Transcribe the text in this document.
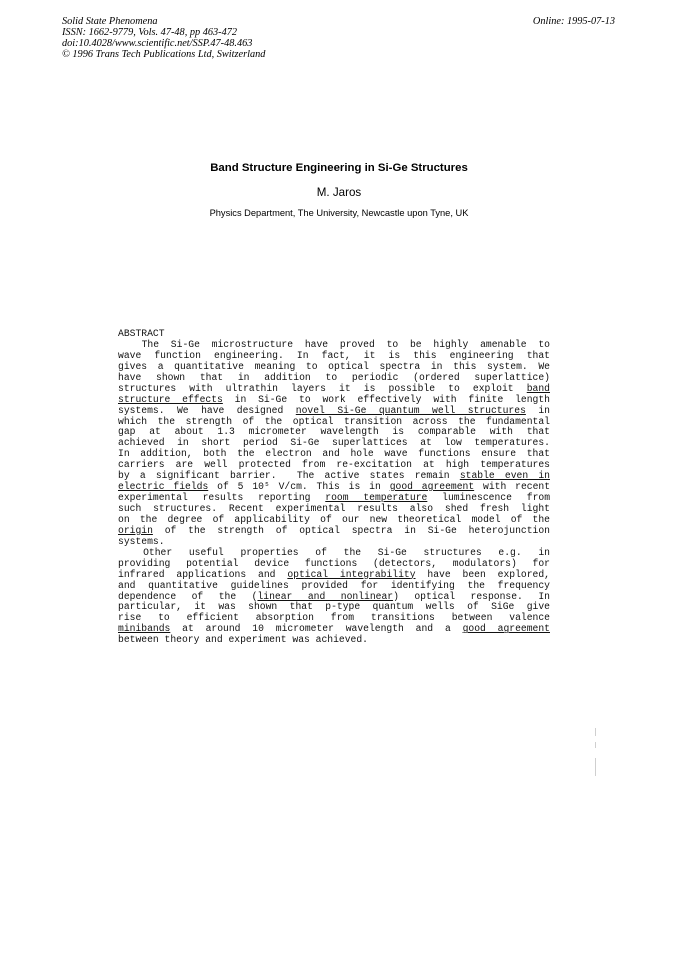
Solid State Phenomena
ISSN: 1662-9779, Vols. 47-48, pp 463-472
doi:10.4028/www.scientific.net/SSP.47-48.463
© 1996 Trans Tech Publications Ltd, Switzerland
Online: 1995-07-13
Band Structure Engineering in Si-Ge Structures
M. Jaros
Physics Department, The University, Newcastle upon Tyne, UK
ABSTRACT
The Si-Ge microstructure have proved to be highly amenable to
wave function engineering. In fact, it is this engineering that
gives a quantitative meaning to optical spectra in this system. We
have shown that in addition to periodic (ordered superlattice)
structures with ultrathin layers it is possible to exploit band
structure effects in Si-Ge to work effectively with finite length
systems. We have designed novel Si-Ge quantum well structures in
which the strength of the optical transition across the fundamental
gap at about 1.3 micrometer wavelength is comparable with that
achieved in short period Si-Ge superlattices at low temperatures.
In addition, both the electron and hole wave functions ensure that
carriers are well protected from re-excitation at high temperatures
by a significant barrier.  The active states remain stable even in
electric fields of 5 10⁵ V/cm. This is in good agreement with recent
experimental results reporting room temperature luminescence from
such structures. Recent experimental results also shed fresh light
on the degree of applicability of our new theoretical model of the
origin of the strength of optical spectra in Si-Ge heterojunction
systems.
Other  useful  properties  of  the  Si-Ge  structures  e.g.  in
providing potential device functions (detectors, modulators) for
infrared applications and optical integrability have been explored,
and quantitative guidelines provided for identifying the frequency
dependence  of  the  (linear  and  nonlinear)  optical  response.  In
particular, it was shown that p-type quantum wells of SiGe give
rise  to  efficient  absorption  from  transitions  between  valence
minibands at around 10 micrometer wavelength and a good agreement
between theory and experiment was achieved.
